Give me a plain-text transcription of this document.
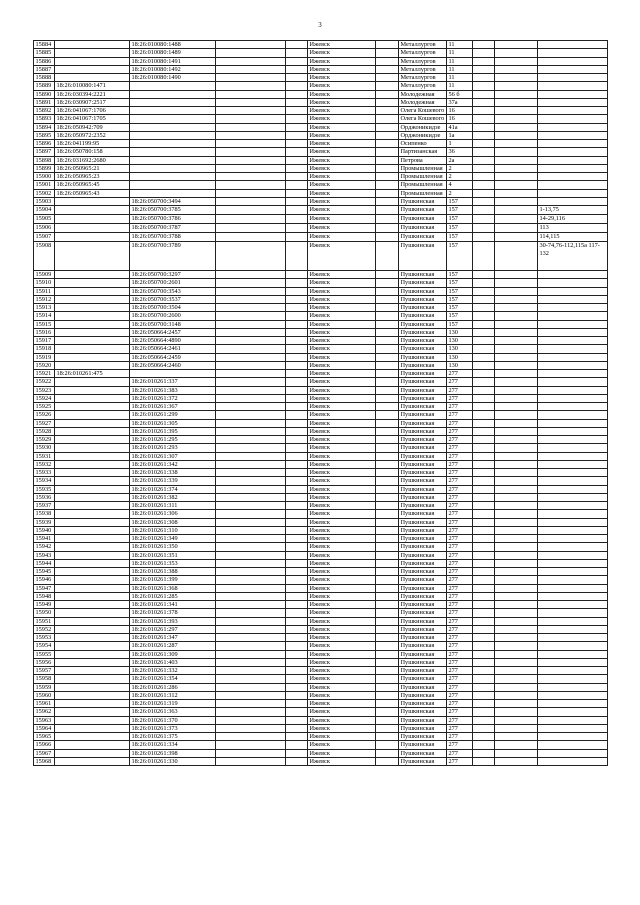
3
15884		18:26:010080:1488			Ижевск		Металлургов	11			
15885		18:26:010080:1489			Ижевск		Металлургов	11			
15886		18:26:010080:1491			Ижевск		Металлургов	11			
15887		18:26:010080:1492			Ижевск		Металлургов	11			
15888		18:26:010080:1490			Ижевск		Металлургов	11			
15889	18:26:010080:1471				Ижевск		Металлургов	11			
15890	18:26:030394:2221				Ижевск		Молодежная	56 б			
15891	18:26:030907:2517				Ижевск		Молодежная	37а			
15892	18:26:041067:1706				Ижевск		Олега Кошевого	16			
15893	18:26:041067:1705				Ижевск		Олега Кошевого	16			
15894	18:26:050942:709				Ижевск		Орджоникидзе	41а			
15895	18:26:050972:2352				Ижевск		Орджоникидзе	1а			
15896	18:26:041199:95				Ижевск		Осипенко	1			
15897	18:26:050780:158				Ижевск		Партизанская	36			
15898	18:26:031692:2680				Ижевск		Петрова	2а			
15899	18:26:050965:21				Ижевск		Промышленная	2			
15900	18:26:050965:23				Ижевск		Промышленная	2			
15901	18:26:050965:45				Ижевск		Промышленная	4			
15902	18:26:050965:43				Ижевск		Промышленная	2			
15903		18:26:050700:3494			Ижевск		Пушкинская	157			
15904		18:26:050700:3785			Ижевск		Пушкинская	157			1-13,75
15905		18:26:050700:3786			Ижевск		Пушкинская	157			14-29,116
15906		18:26:050700:3787			Ижевск		Пушкинская	157			113
15907		18:26:050700:3788			Ижевск		Пушкинская	157			114,115
15908		18:26:050700:3789			Ижевск		Пушкинская	157			30-74,76-112,115а 117-132
15909		18:26:050700:3297			Ижевск		Пушкинская	157			
15910		18:26:050700:2601			Ижевск		Пушкинская	157			
15911		18:26:050700:3543			Ижевск		Пушкинская	157			
15912		18:26:050700:3537			Ижевск		Пушкинская	157			
15913		18:26:050700:3504			Ижевск		Пушкинская	157			
15914		18:26:050700:2600			Ижевск		Пушкинская	157			
15915		18:26:050700:3148			Ижевск		Пушкинская	157			
15916		18:26:050664:2457			Ижевск		Пушкинская	130			
15917		18:26:050664:4890			Ижевск		Пушкинская	130			
15918		18:26:050664:2461			Ижевск		Пушкинская	130			
15919		18:26:050664:2459			Ижевск		Пушкинская	130			
15920		18:26:050664:2460			Ижевск		Пушкинская	130			
15921	18:26:010261:475				Ижевск		Пушкинская	277			
15922		18:26:010261:337			Ижевск		Пушкинская	277			
15923		18:26:010261:383			Ижевск		Пушкинская	277			
15924		18:26:010261:372			Ижевск		Пушкинская	277			
15925		18:26:010261:367			Ижевск		Пушкинская	277			
15926		18:26:010261:299			Ижевск		Пушкинская	277			
15927		18:26:010261:305			Ижевск		Пушкинская	277			
15928		18:26:010261:395			Ижевск		Пушкинская	277			
15929		18:26:010261:295			Ижевск		Пушкинская	277			
15930		18:26:010261:293			Ижевск		Пушкинская	277			
15931		18:26:010261:307			Ижевск		Пушкинская	277			
15932		18:26:010261:342			Ижевск		Пушкинская	277			
15933		18:26:010261:338			Ижевск		Пушкинская	277			
15934		18:26:010261:339			Ижевск		Пушкинская	277			
15935		18:26:010261:374			Ижевск		Пушкинская	277			
15936		18:26:010261:382			Ижевск		Пушкинская	277			
15937		18:26:010261:311			Ижевск		Пушкинская	277			
15938		18:26:010261:306			Ижевск		Пушкинская	277			
15939		18:26:010261:308			Ижевск		Пушкинская	277			
15940		18:26:010261:310			Ижевск		Пушкинская	277			
15941		18:26:010261:349			Ижевск		Пушкинская	277			
15942		18:26:010261:350			Ижевск		Пушкинская	277			
15943		18:26:010261:351			Ижевск		Пушкинская	277			
15944		18:26:010261:353			Ижевск		Пушкинская	277			
15945		18:26:010261:388			Ижевск		Пушкинская	277			
15946		18:26:010261:399			Ижевск		Пушкинская	277			
15947		18:26:010261:368			Ижевск		Пушкинская	277			
15948		18:26:010261:285			Ижевск		Пушкинская	277			
15949		18:26:010261:341			Ижевск		Пушкинская	277			
15950		18:26:010261:378			Ижевск		Пушкинская	277			
15951		18:26:010261:393			Ижевск		Пушкинская	277			
15952		18:26:010261:297			Ижевск		Пушкинская	277			
15953		18:26:010261:347			Ижевск		Пушкинская	277			
15954		18:26:010261:287			Ижевск		Пушкинская	277			
15955		18:26:010261:309			Ижевск		Пушкинская	277			
15956		18:26:010261:403			Ижевск		Пушкинская	277			
15957		18:26:010261:332			Ижевск		Пушкинская	277			
15958		18:26:010261:354			Ижевск		Пушкинская	277			
15959		18:26:010261:286			Ижевск		Пушкинская	277			
15960		18:26:010261:312			Ижевск		Пушкинская	277			
15961		18:26:010261:319			Ижевск		Пушкинская	277			
15962		18:26:010261:363			Ижевск		Пушкинская	277			
15963		18:26:010261:370			Ижевск		Пушкинская	277			
15964		18:26:010261:373			Ижевск		Пушкинская	277			
15965		18:26:010261:375			Ижевск		Пушкинская	277			
15966		18:26:010261:334			Ижевск		Пушкинская	277			
15967		18:26:010261:398			Ижевск		Пушкинская	277			
15968		18:26:010261:330			Ижевск		Пушкинская	277			
